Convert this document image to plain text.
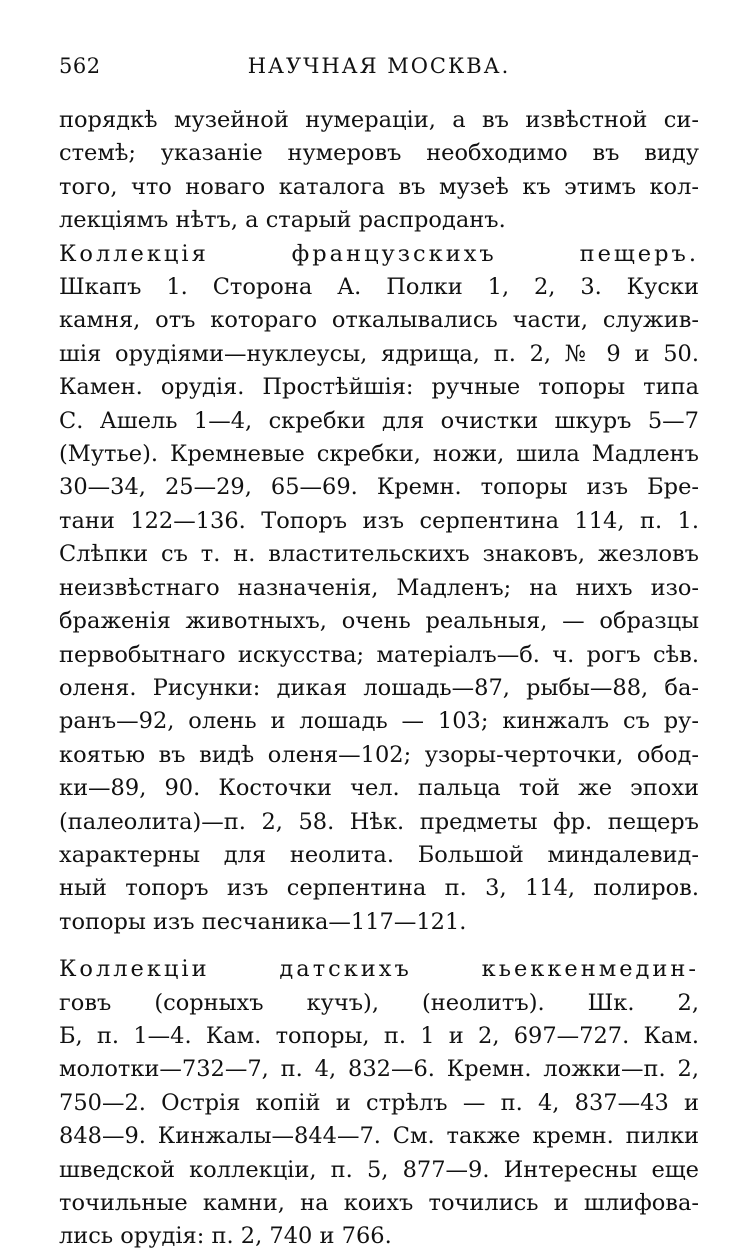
562	НАУЧНАЯ МОСКВА.
порядкѣ музейной нумераціи, а въ извѣстной си-
стемѣ; указаніе нумеровъ необходимо въ виду
того, что новаго каталога въ музеѣ къ этимъ кол-
лекціямъ нѣтъ, а старый распроданъ.
Коллекція французскихъ пещеръ.
Шкапъ 1. Сторона А. Полки 1, 2, 3. Куски
камня, отъ котораго откалывались части, служив-
шія орудіями—нуклеусы, ядрища, п. 2, № 9 и 50.
Камен. орудія. Простѣйшія: ручные топоры типа
С. Ашель 1—4, скребки для очистки шкуръ 5—7
(Мутье). Кремневые скребки, ножи, шила Мадленъ
30—34, 25—29, 65—69. Кремн. топоры изъ Бре-
тани 122—136. Топоръ изъ серпентина 114, п. 1.
Слѣпки съ т. н. властительскихъ знаковъ, жезловъ
неизвѣстнаго назначенія, Мадленъ; на нихъ изо-
браженія животныхъ, очень реальныя, — образцы
первобытнаго искусства; матеріалъ—б. ч. рогъ сѣв.
оленя. Рисунки: дикая лошадь—87, рыбы—88, ба-
ранъ—92, олень и лошадь — 103; кинжалъ съ ру-
коятью въ видѣ оленя—102; узоры-черточки, обод-
ки—89, 90. Косточки чел. пальца той же эпохи
(палеолита)—п. 2, 58. Нѣк. предметы фр. пещеръ
характерны для неолита. Большой миндалевид-
ный топоръ изъ серпентина п. 3, 114, полиров.
топоры изъ песчаника—117—121.
Коллекціи датскихъ кьеккенмедин-
говъ (сорныхъ кучъ), (неолитъ). Шк. 2,
Б, п. 1—4. Кам. топоры, п. 1 и 2, 697—727. Кам.
молотки—732—7, п. 4, 832—6. Кремн. ложки—п. 2,
750—2. Острія копій и стрѣлъ — п. 4, 837—43 и
848—9. Кинжалы—844—7. См. также кремн. пилки
шведской коллекціи, п. 5, 877—9. Интересны еще
точильные камни, на коихъ точились и шлифова-
лись орудія: п. 2, 740 и 766.
